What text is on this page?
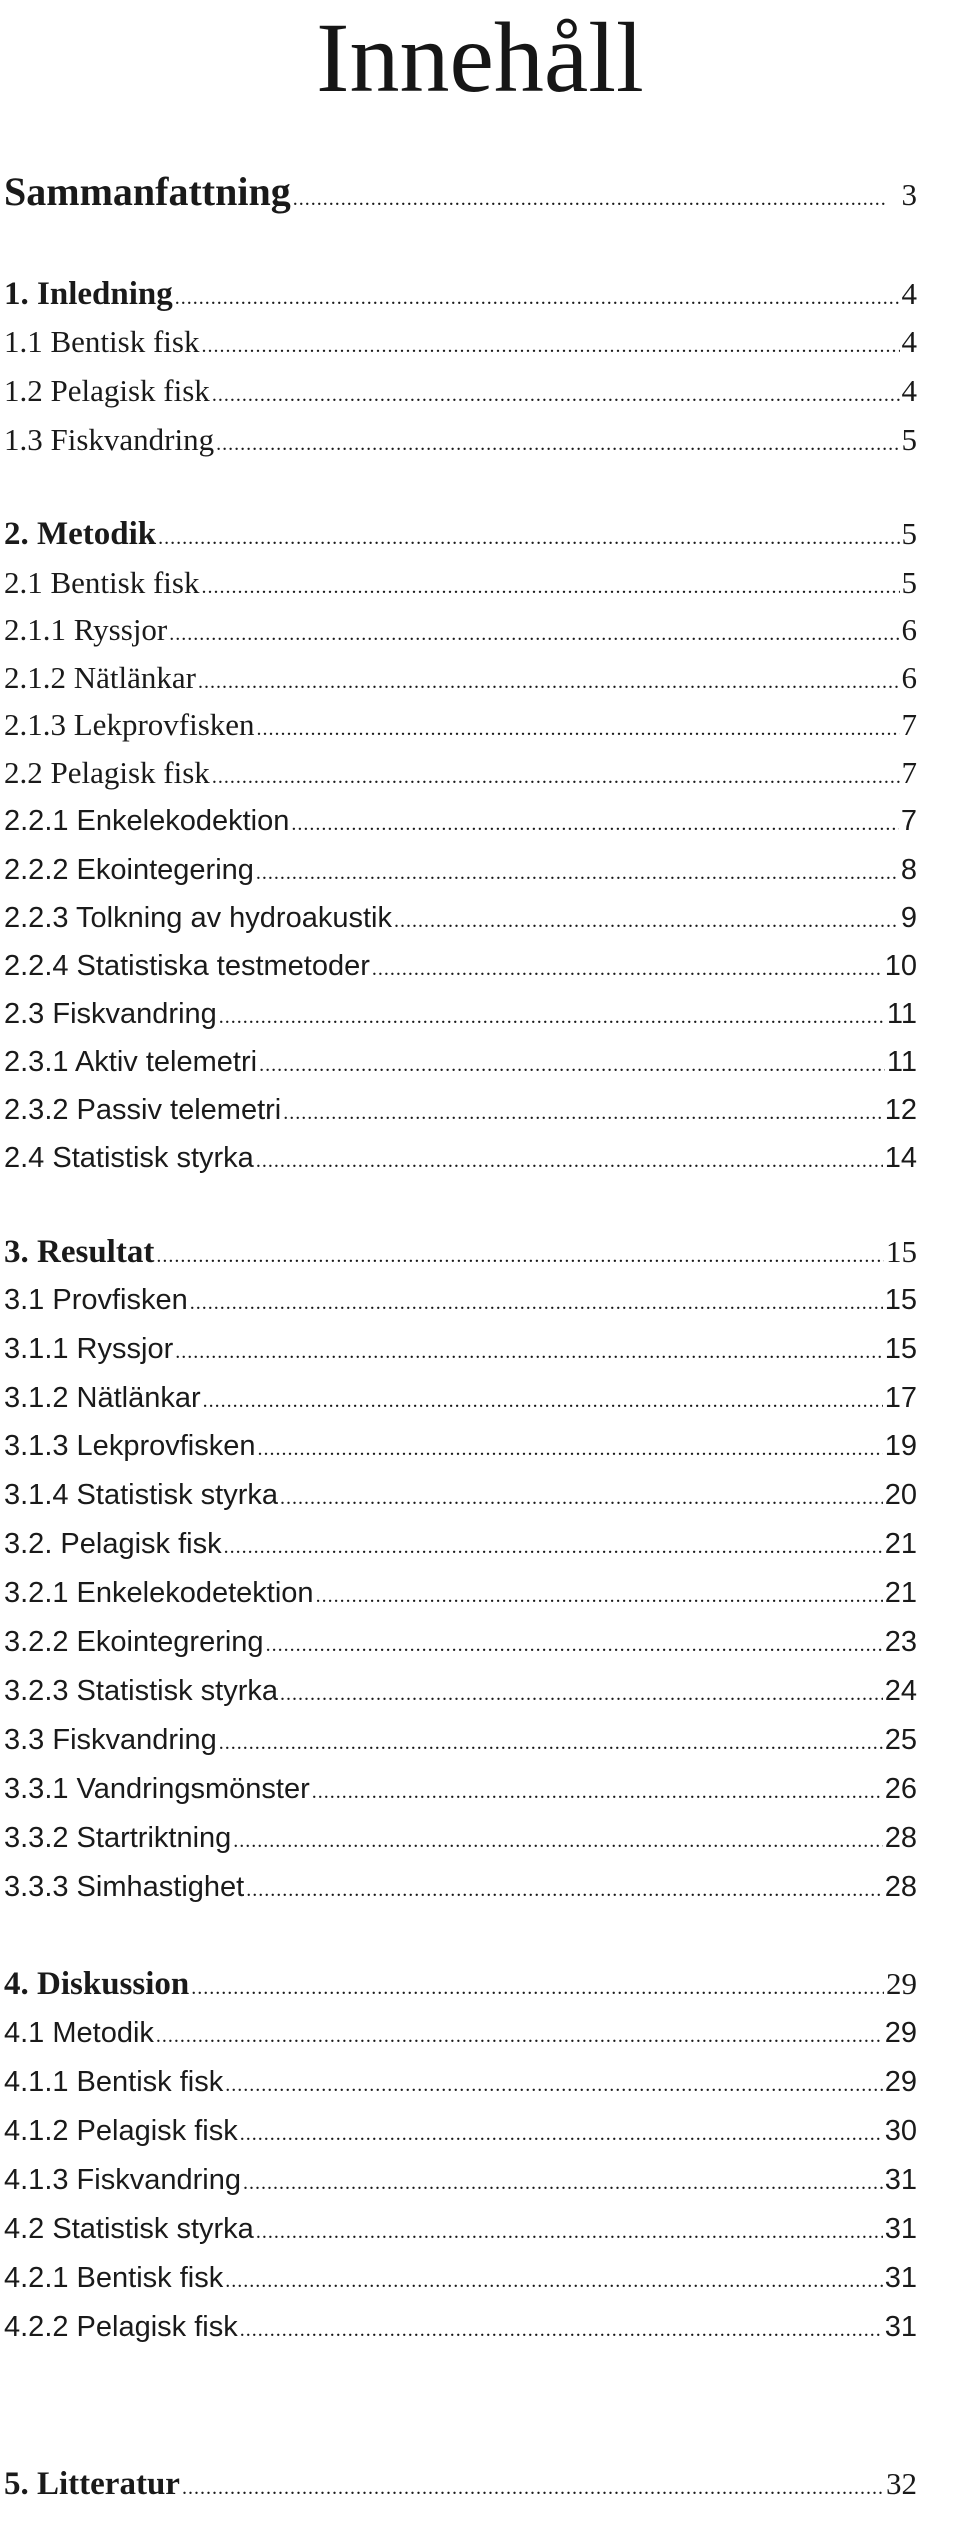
Innehåll
Sammanfattning .....	3
1. Inledning .....	4
1.1 Bentisk fisk .....	4
1.2 Pelagisk fisk .....	4
1.3 Fiskvandring .....	5
2. Metodik .....	5
2.1 Bentisk fisk .....	5
2.1.1 Ryssjor .....	6
2.1.2 Nätlänkar .....	6
2.1.3 Lekprovfisken .....	7
2.2 Pelagisk fisk .....	7
2.2.1 Enkelekodektion .....	7
2.2.2 Ekointegering .....	8
2.2.3 Tolkning av hydroakustik .....	9
2.2.4 Statistiska testmetoder .....	10
2.3 Fiskvandring .....	11
2.3.1 Aktiv telemetri .....	11
2.3.2 Passiv telemetri .....	12
2.4 Statistisk styrka .....	14
3. Resultat .....	15
3.1 Provfisken .....	15
3.1.1 Ryssjor .....	15
3.1.2 Nätlänkar .....	17
3.1.3 Lekprovfisken .....	19
3.1.4 Statistisk styrka .....	20
3.2. Pelagisk fisk .....	21
3.2.1 Enkelekodetektion .....	21
3.2.2 Ekointegrering .....	23
3.2.3 Statistisk styrka .....	24
3.3 Fiskvandring .....	25
3.3.1 Vandringsmönster .....	26
3.3.2 Startriktning .....	28
3.3.3 Simhastighet .....	28
4. Diskussion .....	29
4.1 Metodik .....	29
4.1.1 Bentisk fisk .....	29
4.1.2 Pelagisk fisk .....	30
4.1.3 Fiskvandring .....	31
4.2 Statistisk styrka .....	31
4.2.1 Bentisk fisk .....	31
4.2.2 Pelagisk fisk .....	31
5. Litteratur .....	32
